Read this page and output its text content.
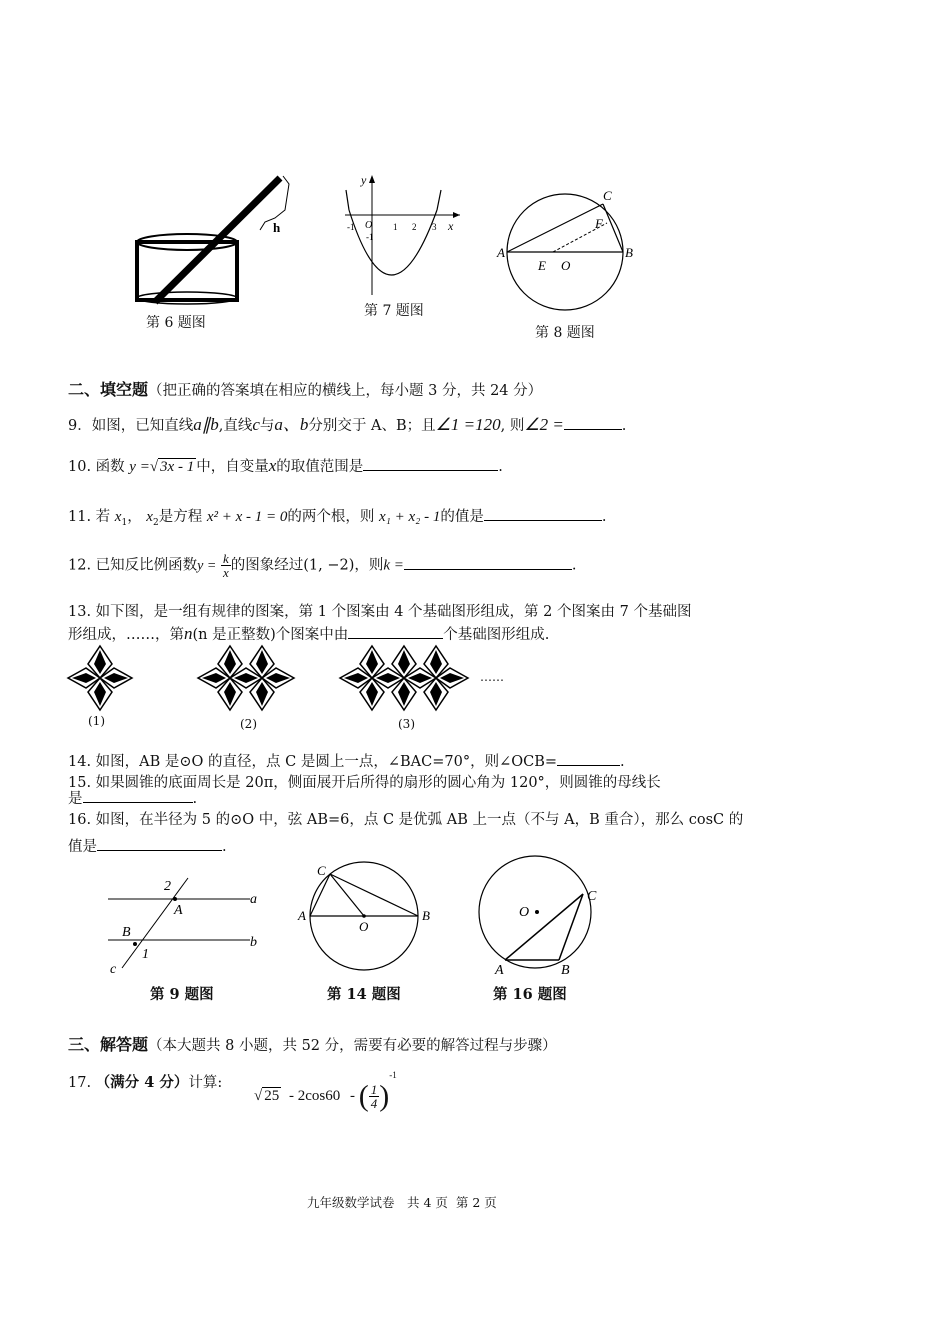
h
第 6 题图
y
x
O
-1	1 2 3
-1
第 7 题图
A	B
C
F
E O
第 8 题图
二、填空题（把正确的答案填在相应的横线上，每小题 3 分，共 24 分）
9．如图，已知直线a∥b,直线c与a、b分别交于 A、B；且∠1 =120, 则∠2 =	.
10. 函数 y =√ 3x - 1 中，自变量x的取值范围是	.
11. 若 $x_1$， $x_2$是方程 x² + x - 1 = 0的两个根，则 x₁ + x₂ - 1的值是	.
12. 已知反比例函数$y = \frac{k}{x}$ 的图象经过(1, −2)，则k =	.
13. 如下图，是一组有规律的图案，第 1 个图案由 4 个基础图形组成，第 2 个图案由 7 个基础图
形组成，……，第n(n 是正整数)个图案中由	个基础图形组成.
(1)	(2)	(3)
……
14. 如图，AB 是⊙O 的直径，点 C 是圆上一点，∠BAC=70°，则∠OCB=	.
15. 如果圆锥的底面周长是 20π，侧面展开后所得的扇形的圆心角为 120°，则圆锥的母线长
是	.
16. 如图，在半径为 5 的⊙O 中，弦 AB=6，点 C 是优弧 AB 上一点（不与 A，B 重合），那么 cosC 的
值是	.
2
A
a
B
1
b
c
第 9 题图
C
A
O
B
第 14 题图
O
C
A	B
第 16 题图
三、解答题（本大题共 8 小题，共 52 分，需要有必要的解答过程与步骤）
17. （满分 4 分）计算:
√ 25 - 2cos60 - ( $\frac{1}{4} )^{-1}$
九年级数学试卷　共 4 页  第 2 页
